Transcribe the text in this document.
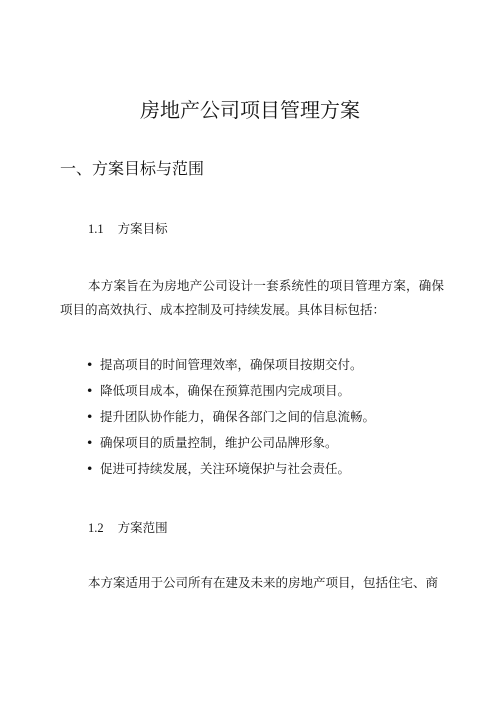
房地产公司项目管理方案
一、方案目标与范围
1.1 方案目标
本方案旨在为房地产公司设计一套系统性的项目管理方案，确保项目的高效执行、成本控制及可持续发展。具体目标包括：
• 提高项目的时间管理效率，确保项目按期交付。
• 降低项目成本，确保在预算范围内完成项目。
• 提升团队协作能力，确保各部门之间的信息流畅。
• 确保项目的质量控制，维护公司品牌形象。
• 促进可持续发展，关注环境保护与社会责任。
1.2 方案范围
本方案适用于公司所有在建及未来的房地产项目，包括住宅、商
